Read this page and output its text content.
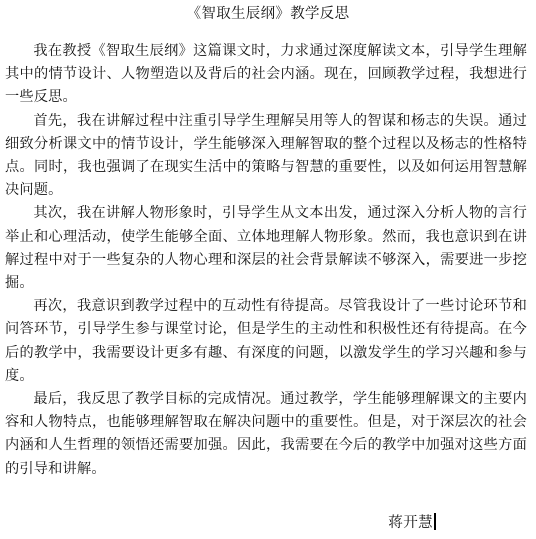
《智取生辰纲》教学反思

我在教授《智取生辰纲》这篇课文时，力求通过深度解读文本，引导学生理解其中的情节设计、人物塑造以及背后的社会内涵。现在，回顾教学过程，我想进行一些反思。

首先，我在讲解过程中注重引导学生理解吴用等人的智谋和杨志的失误。通过细致分析课文中的情节设计，学生能够深入理解智取的整个过程以及杨志的性格特点。同时，我也强调了在现实生活中的策略与智慧的重要性，以及如何运用智慧解决问题。

其次，我在讲解人物形象时，引导学生从文本出发，通过深入分析人物的言行举止和心理活动，使学生能够全面、立体地理解人物形象。然而，我也意识到在讲解过程中对于一些复杂的人物心理和深层的社会背景解读不够深入，需要进一步挖掘。

再次，我意识到教学过程中的互动性有待提高。尽管我设计了一些讨论环节和问答环节，引导学生参与课堂讨论，但是学生的主动性和积极性还有待提高。在今后的教学中，我需要设计更多有趣、有深度的问题，以激发学生的学习兴趣和参与度。

最后，我反思了教学目标的完成情况。通过教学，学生能够理解课文的主要内容和人物特点，也能够理解智取在解决问题中的重要性。但是，对于深层次的社会内涵和人生哲理的领悟还需要加强。因此，我需要在今后的教学中加强对这些方面的引导和讲解。

蒋开慧
